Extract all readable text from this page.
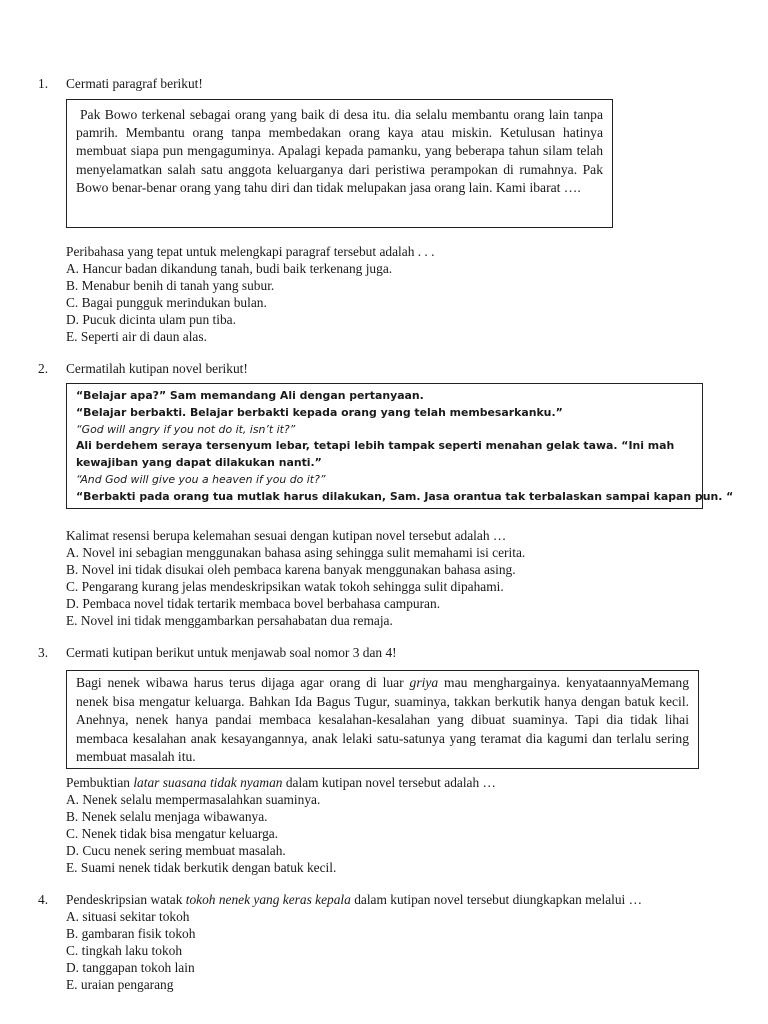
1. Cermati paragraf berikut!

Pak Bowo terkenal sebagai orang yang baik di desa itu. dia selalu membantu orang lain tanpa pamrih. Membantu orang tanpa membedakan orang kaya atau miskin. Ketulusan hatinya membuat siapa pun mengaguminya. Apalagi kepada pamanku, yang beberapa tahun silam telah menyelamatkan salah satu anggota keluarganya dari peristiwa perampokan di rumahnya. Pak Bowo benar-benar orang yang tahu diri dan tidak melupakan jasa orang lain. Kami ibarat ….

Peribahasa yang tepat untuk melengkapi paragraf tersebut adalah . . .
A. Hancur badan dikandung tanah, budi baik terkenang juga.
B. Menabur benih di tanah yang subur.
C. Bagai pungguk merindukan bulan.
D. Pucuk dicinta ulam pun tiba.
E. Seperti air di daun alas.
2. Cermatilah kutipan novel berikut!
“Belajar apa?” Sam memandang Ali dengan pertanyaan.
“Belajar berbakti. Belajar berbakti kepada orang yang telah membesarkanku.”
“God will angry if you not do it, isn’t it?”
Ali berdehem seraya tersenyum lebar, tetapi lebih tampak seperti menahan gelak tawa. “Ini mah kewajiban yang dapat dilakukan nanti.”
“And God will give you a heaven if you do it?”
“Berbakti pada orang tua mutlak harus dilakukan, Sam. Jasa orantua tak terbalaskan sampai kapan pun. “
Kalimat resensi berupa kelemahan sesuai dengan kutipan novel tersebut adalah …
A. Novel ini sebagian menggunakan bahasa asing sehingga sulit memahami isi cerita.
B. Novel ini tidak disukai oleh pembaca karena banyak menggunakan bahasa asing.
C. Pengarang kurang jelas mendeskripsikan watak tokoh sehingga sulit dipahami.
D. Pembaca novel tidak tertarik membaca bovel berbahasa campuran.
E. Novel ini tidak menggambarkan persahabatan dua remaja.
3. Cermati kutipan berikut untuk menjawab soal nomor 3 dan 4!

Bagi nenek wibawa harus terus dijaga agar orang di luar griya mau menghargainya. kenyataannyaMemang nenek bisa mengatur keluarga. Bahkan Ida Bagus Tugur, suaminya, takkan berkutik hanya dengan batuk kecil. Anehnya, nenek hanya pandai membaca kesalahan-kesalahan yang dibuat suaminya. Tapi dia tidak lihai membaca kesalahan anak kesayangannya, anak lelaki satu-satunya yang teramat dia kagumi dan terlalu sering membuat masalah itu.

Pembuktian latar suasana tidak nyaman dalam kutipan novel tersebut adalah …
A. Nenek selalu mempermasalahkan suaminya.
B. Nenek selalu menjaga wibawanya.
C. Nenek tidak bisa mengatur keluarga.
D. Cucu nenek sering membuat masalah.
E. Suami nenek tidak berkutik dengan batuk kecil.
4. Pendeskripsian watak tokoh nenek yang keras kepala dalam kutipan novel tersebut diungkapkan melalui …
A. situasi sekitar tokoh
B. gambaran fisik tokoh
C. tingkah laku tokoh
D. tanggapan tokoh lain
E. uraian pengarang
